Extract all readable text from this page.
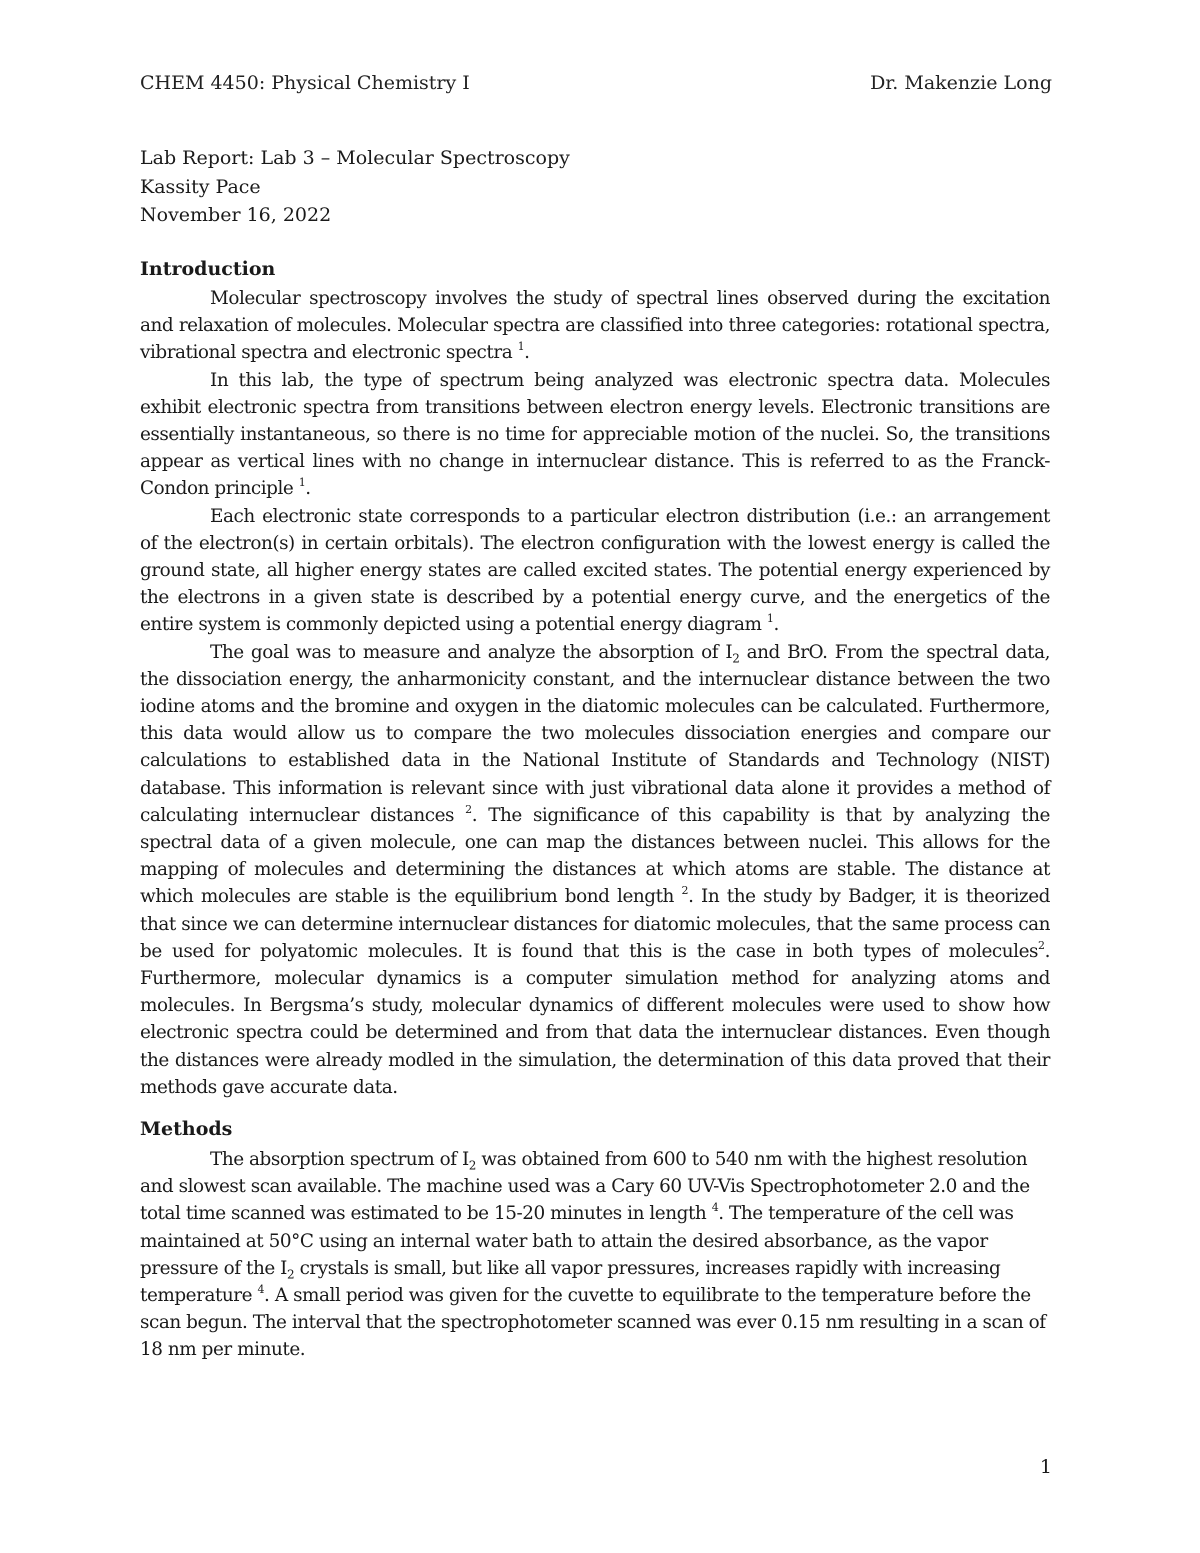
CHEM 4450: Physical Chemistry I	Dr. Makenzie Long
Lab Report: Lab 3 – Molecular Spectroscopy
Kassity Pace
November 16, 2022
Introduction

Molecular spectroscopy involves the study of spectral lines observed during the excitation and relaxation of molecules. Molecular spectra are classified into three categories: rotational spectra, vibrational spectra and electronic spectra $^1$.

In this lab, the type of spectrum being analyzed was electronic spectra data. Molecules exhibit electronic spectra from transitions between electron energy levels. Electronic transitions are essentially instantaneous, so there is no time for appreciable motion of the nuclei. So, the transitions appear as vertical lines with no change in internuclear distance. This is referred to as the Franck-Condon principle $^1$.

Each electronic state corresponds to a particular electron distribution (i.e.: an arrangement of the electron(s) in certain orbitals). The electron configuration with the lowest energy is called the ground state, all higher energy states are called excited states. The potential energy experienced by the electrons in a given state is described by a potential energy curve, and the energetics of the entire system is commonly depicted using a potential energy diagram $^1$.

The goal was to measure and analyze the absorption of $I_2$ and BrO. From the spectral data, the dissociation energy, the anharmonicity constant, and the internuclear distance between the two iodine atoms and the bromine and oxygen in the diatomic molecules can be calculated. Furthermore, this data would allow us to compare the two molecules dissociation energies and compare our calculations to established data in the National Institute of Standards and Technology (NIST) database. This information is relevant since with just vibrational data alone it provides a method of calculating internuclear distances $^2$. The significance of this capability is that by analyzing the spectral data of a given molecule, one can map the distances between nuclei. This allows for the mapping of molecules and determining the distances at which atoms are stable. The distance at which molecules are stable is the equilibrium bond length $^2$. In the study by Badger, it is theorized that since we can determine internuclear distances for diatomic molecules, that the same process can be used for polyatomic molecules. It is found that this is the case in both types of molecules$^2$. Furthermore, molecular dynamics is a computer simulation method for analyzing atoms and molecules. In Bergsma’s study, molecular dynamics of different molecules were used to show how electronic spectra could be determined and from that data the internuclear distances. Even though the distances were already modled in the simulation, the determination of this data proved that their methods gave accurate data.

Methods

The absorption spectrum of $I_2$ was obtained from 600 to 540 nm with the highest resolution and slowest scan available. The machine used was a Cary 60 UV-Vis Spectrophotometer 2.0 and the total time scanned was estimated to be 15-20 minutes in length $^4$. The temperature of the cell was maintained at 50°C using an internal water bath to attain the desired absorbance, as the vapor pressure of the $I_2$ crystals is small, but like all vapor pressures, increases rapidly with increasing temperature $^4$. A small period was given for the cuvette to equilibrate to the temperature before the scan begun. The interval that the spectrophotometer scanned was ever 0.15 nm resulting in a scan of 18 nm per minute.

1
